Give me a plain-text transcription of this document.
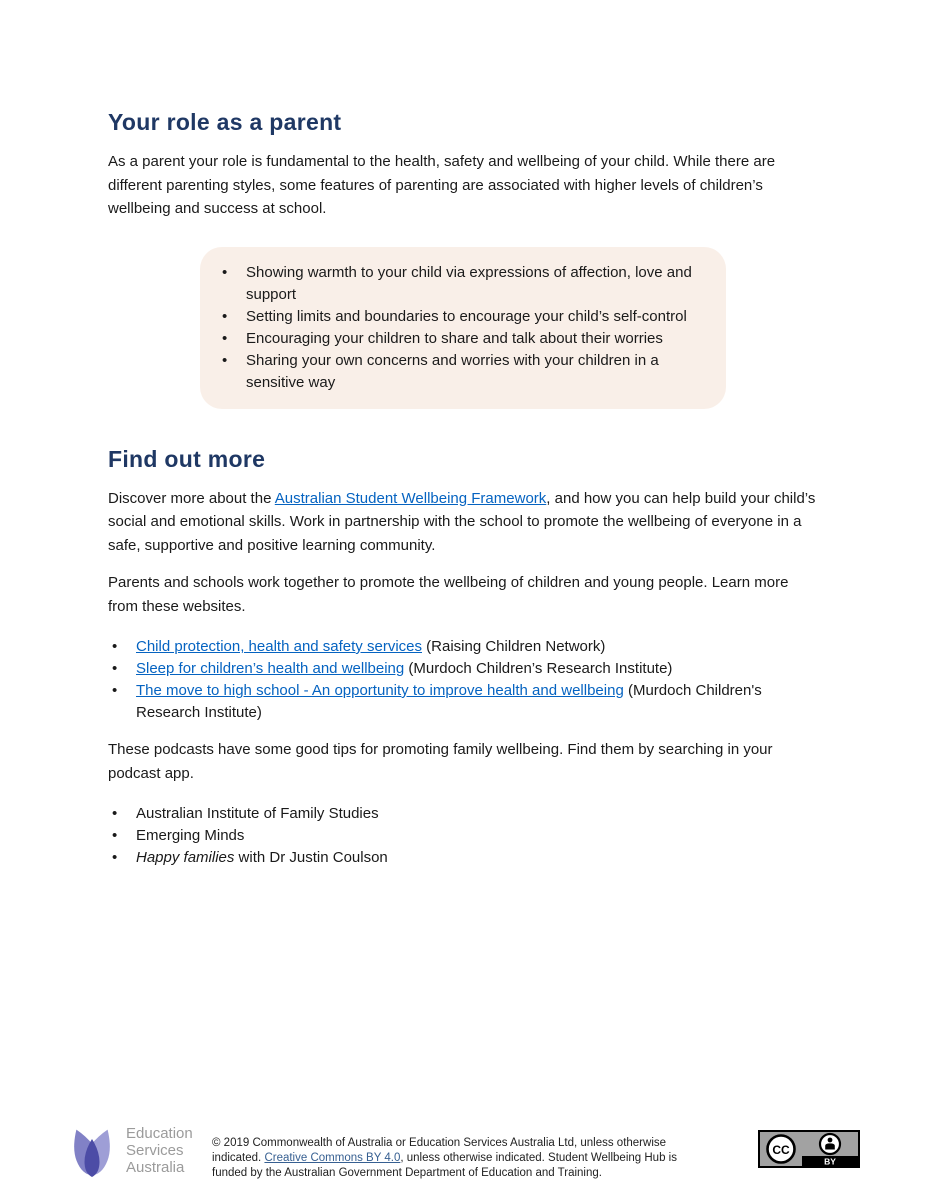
Your role as a parent

As a parent your role is fundamental to the health, safety and wellbeing of your child. While there are different parenting styles, some features of parenting are associated with higher levels of children’s wellbeing and success at school.

• Showing warmth to your child via expressions of affection, love and support
• Setting limits and boundaries to encourage your child’s self-control
• Encouraging your children to share and talk about their worries
• Sharing your own concerns and worries with your children in a sensitive way
Find out more

Discover more about the Australian Student Wellbeing Framework, and how you can help build your child’s social and emotional skills. Work in partnership with the school to promote the wellbeing of everyone in a safe, supportive and positive learning community.

Parents and schools work together to promote the wellbeing of children and young people. Learn more from these websites.

• Child protection, health and safety services (Raising Children Network)
• Sleep for children’s health and wellbeing (Murdoch Children’s Research Institute)
• The move to high school - An opportunity to improve health and wellbeing (Murdoch Children's Research Institute)

These podcasts have some good tips for promoting family wellbeing. Find them by searching in your podcast app.

• Australian Institute of Family Studies
• Emerging Minds
• Happy families with Dr Justin Coulson
Education
Services
Australia
© 2019 Commonwealth of Australia or Education Services Australia Ltd, unless otherwise indicated. Creative Commons BY 4.0, unless otherwise indicated. Student Wellbeing Hub is funded by the Australian Government Department of Education and Training.
CC
BY
